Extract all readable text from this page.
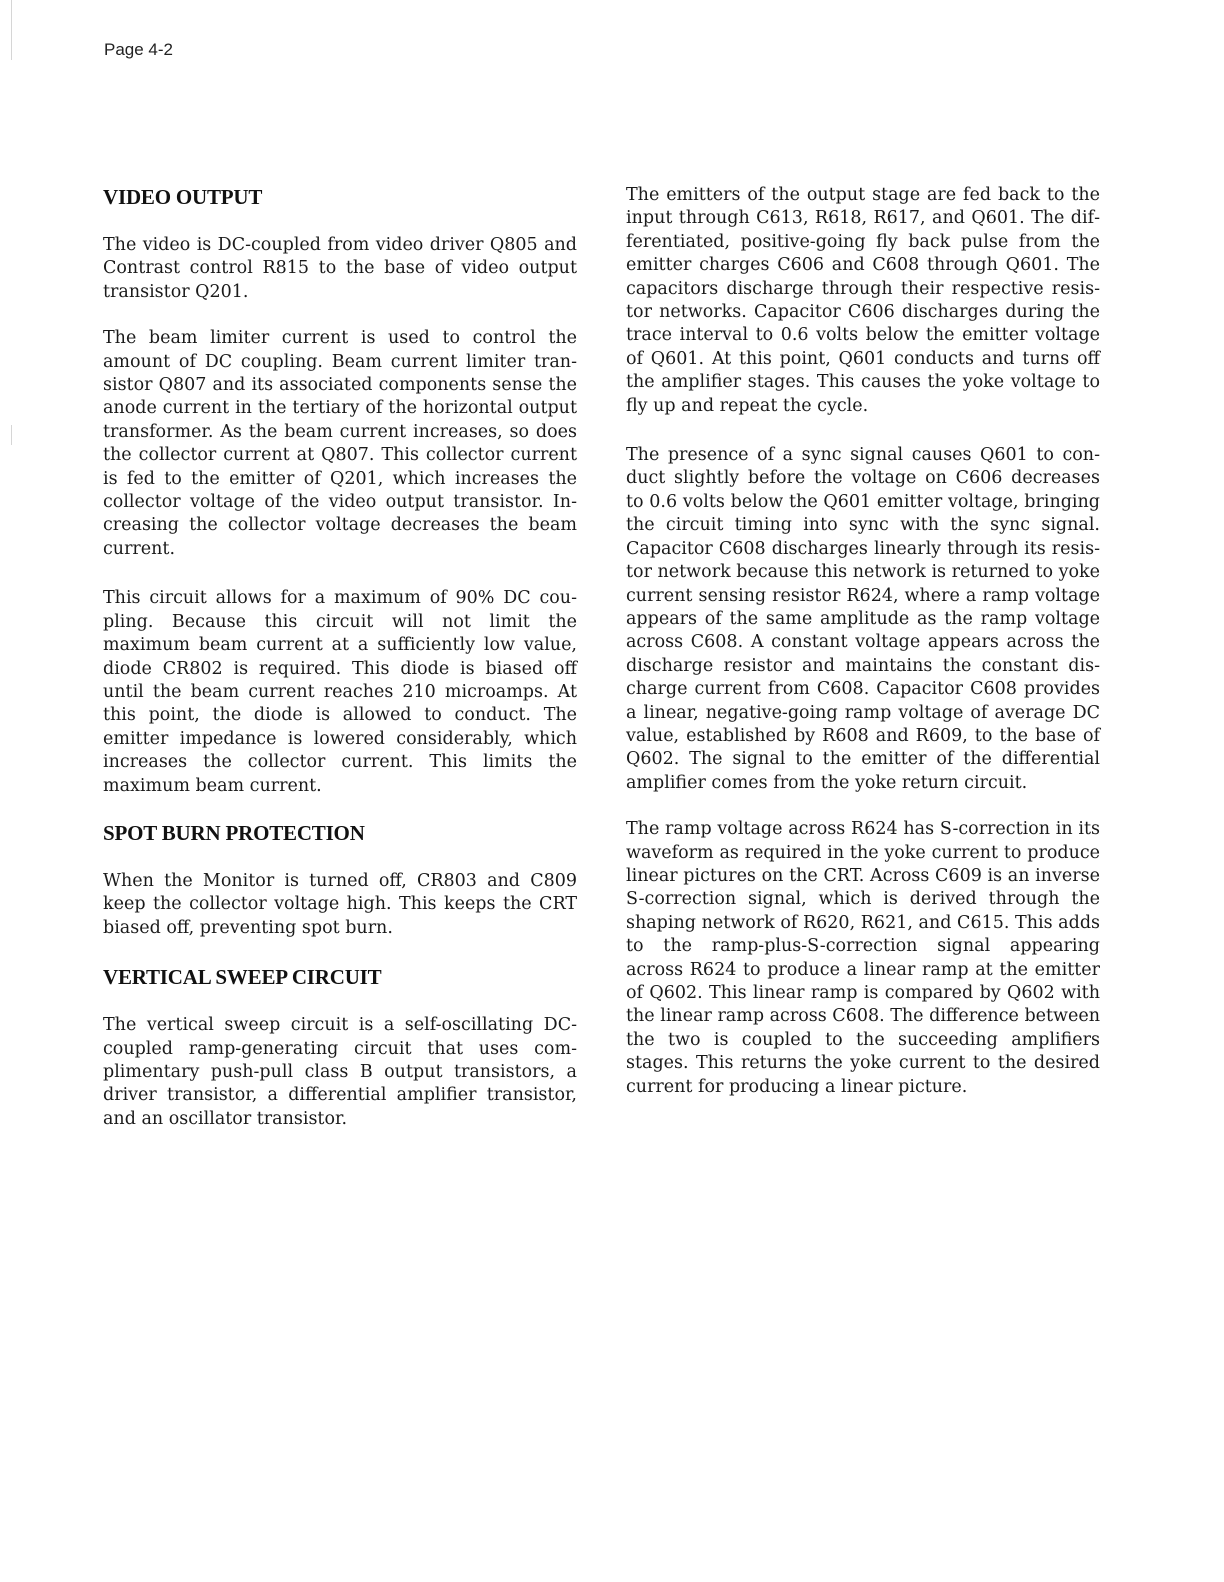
Page 4-2
VIDEO OUTPUT

The video is DC-coupled from video driver Q805 and Contrast control R815 to the base of video output transistor Q201.

The beam limiter current is used to control the amount of DC coupling. Beam current limiter transistor Q807 and its associated components sense the anode current in the tertiary of the horizontal output transformer. As the beam current increases, so does the collector current at Q807. This collector current is fed to the emitter of Q201, which increases the collector voltage of the video output transistor. Increasing the collector voltage decreases the beam current.

This circuit allows for a maximum of 90% DC coupling. Because this circuit will not limit the maximum beam current at a sufficiently low value, diode CR802 is required. This diode is biased off until the beam current reaches 210 microamps. At this point, the diode is allowed to conduct. The emitter impedance is lowered considerably, which increases the collector current. This limits the maximum beam current.

SPOT BURN PROTECTION

When the Monitor is turned off, CR803 and C809 keep the collector voltage high. This keeps the CRT biased off, preventing spot burn.

VERTICAL SWEEP CIRCUIT

The vertical sweep circuit is a self-oscillating DC-coupled ramp-generating circuit that uses complimentary push-pull class B output transistors, a driver transistor, a differential amplifier transistor, and an oscillator transistor.

The emitters of the output stage are fed back to the input through C613, R618, R617, and Q601. The differentiated, positive-going fly back pulse from the emitter charges C606 and C608 through Q601. The capacitors discharge through their respective resistor networks. Capacitor C606 discharges during the trace interval to 0.6 volts below the emitter voltage of Q601. At this point, Q601 conducts and turns off the amplifier stages. This causes the yoke voltage to fly up and repeat the cycle.

The presence of a sync signal causes Q601 to conduct slightly before the voltage on C606 decreases to 0.6 volts below the Q601 emitter voltage, bringing the circuit timing into sync with the sync signal. Capacitor C608 discharges linearly through its resistor network because this network is returned to yoke current sensing resistor R624, where a ramp voltage appears of the same amplitude as the ramp voltage across C608. A constant voltage appears across the discharge resistor and maintains the constant discharge current from C608. Capacitor C608 provides a linear, negative-going ramp voltage of average DC value, established by R608 and R609, to the base of Q602. The signal to the emitter of the differential amplifier comes from the yoke return circuit.

The ramp voltage across R624 has S-correction in its waveform as required in the yoke current to produce linear pictures on the CRT. Across C609 is an inverse S-correction signal, which is derived through the shaping network of R620, R621, and C615. This adds to the ramp-plus-S-correction signal appearing across R624 to produce a linear ramp at the emitter of Q602. This linear ramp is compared by Q602 with the linear ramp across C608. The difference between the two is coupled to the succeeding amplifiers stages. This returns the yoke current to the desired current for producing a linear picture.
